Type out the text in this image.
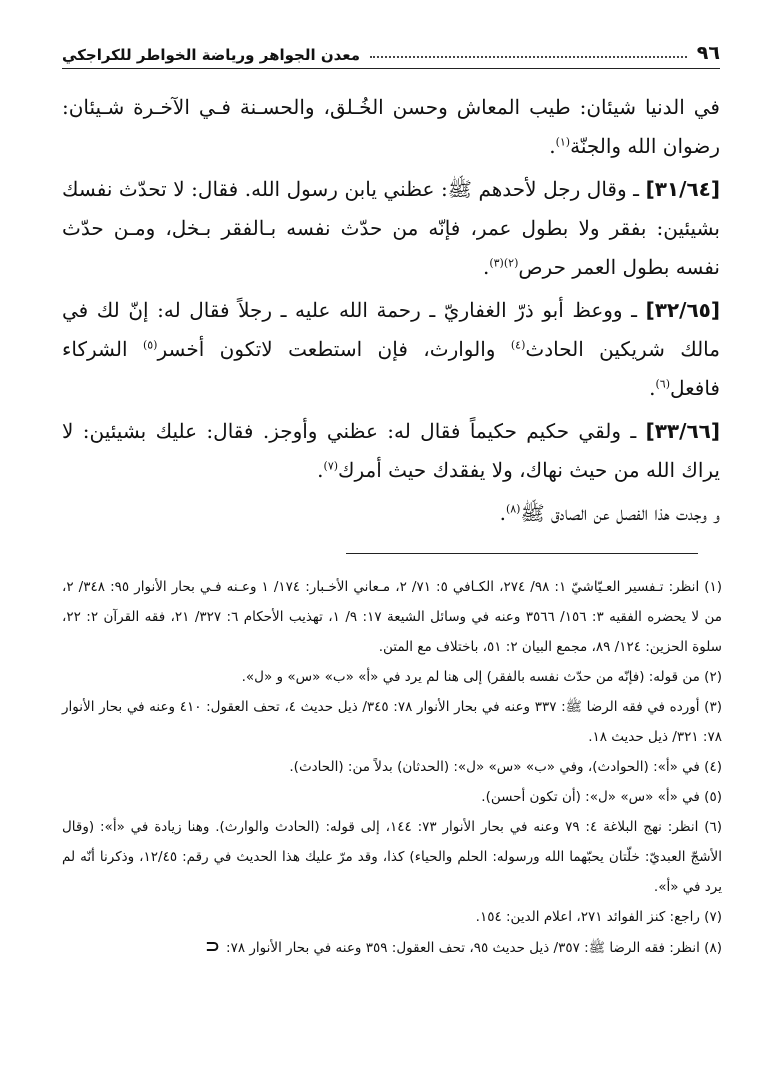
٩٦
معدن الجواهر ورياضة الخواطر للكراجكي

في الدنيا شيئان: طيب المعاش وحسن الخُـلق، والحسـنة فـي الآخـرة شـيئان: رضوان الله والجنّة$^{(١)}$.

[٣١/٦٤] ـ وقال رجل لأحدهم ﷺ: عظني يابن رسول الله. فقال: لا تحدّث نفسك بشيئين: بفقر ولا بطول عمر، فإنّه من حدّث نفسه بـالفقر بـخل، ومـن حدّث نفسه بطول العمر حرص$^{(٢)(٣)}$.

[٣٢/٦٥] ـ ووعظ أبو ذرّ الغفاريّ ـ رحمة الله عليه ـ رجلاً فقال له: إنّ لك في مالك شريكين الحادث$^{(٤)}$ والوارث، فإن استطعت لاتكون أخسر$^{(٥)}$ الشركاء فافعل$^{(٦)}$.

[٣٣/٦٦] ـ ولقي حكيم حكيماً فقال له: عظني وأوجز. فقال: عليك بشيئين: لا يراك الله من حيث نهاك، ولا يفقدك حيث أمرك$^{(٧)}$.

و وجدت هذا الفصل عن الصادق ﷺ$^{(٨)}$.

(١) انظر: تـفسير العـيّاشيّ ١: ٩٨/ ٢٧٤، الكـافي ٥: ٧١/ ٢، مـعاني الأخـبار: ١٧٤/ ١ وعـنه فـي بحار الأنوار ٩٥: ٣٤٨/ ٢، من لا يحضره الفقيه ٣: ١٥٦/ ٣٥٦٦ وعنه في وسائل الشيعة ١٧: ٩/ ١، تهذيب الأحكام ٦: ٣٢٧/ ٢١، فقه القرآن ٢: ٢٢، سلوة الحزين: ١٢٤/ ٨٩، مجمع البيان ٢: ٥١، باختلاف مع المتن.

(٢) من قوله: (فإنّه من حدّث نفسه بالفقر) إلى هنا لم يرد في «أ» «ب» «س» و «ل».

(٣) أورده في فقه الرضا ﷺ: ٣٣٧ وعنه في بحار الأنوار ٧٨: ٣٤٥/ ذيل حديث ٤، تحف العقول: ٤١٠ وعنه في بحار الأنوار ٧٨: ٣٢١/ ذيل حديث ١٨.

(٤) في «أ»: (الحوادث)، وفي «ب» «س» «ل»: (الحدثان) بدلاً من: (الحادث).

(٥) في «أ» «س» «ل»: (أن تكون أحسن).

(٦) انظر: نهج البلاغة ٤: ٧٩ وعنه في بحار الأنوار ٧٣: ١٤٤، إلى قوله: (الحادث والوارث). وهنا زيادة في «أ»: (وقال الأشجّ العبديّ: خلّتان يحبّهما الله ورسوله: الحلم والحياء) كذا، وقد مرّ عليك هذا الحديث في رقم: ١٢/٤٥، وذكرنا أنّه لم يرد في «أ».

(٧) راجع: كنز الفوائد ٢٧١، اعلام الدين: ١٥٤.

(٨) انظر: فقه الرضا ﷺ: ٣٥٧/ ذيل حديث ٩٥، تحف العقول: ٣٥٩ وعنه في بحار الأنوار ٧٨:⊂
